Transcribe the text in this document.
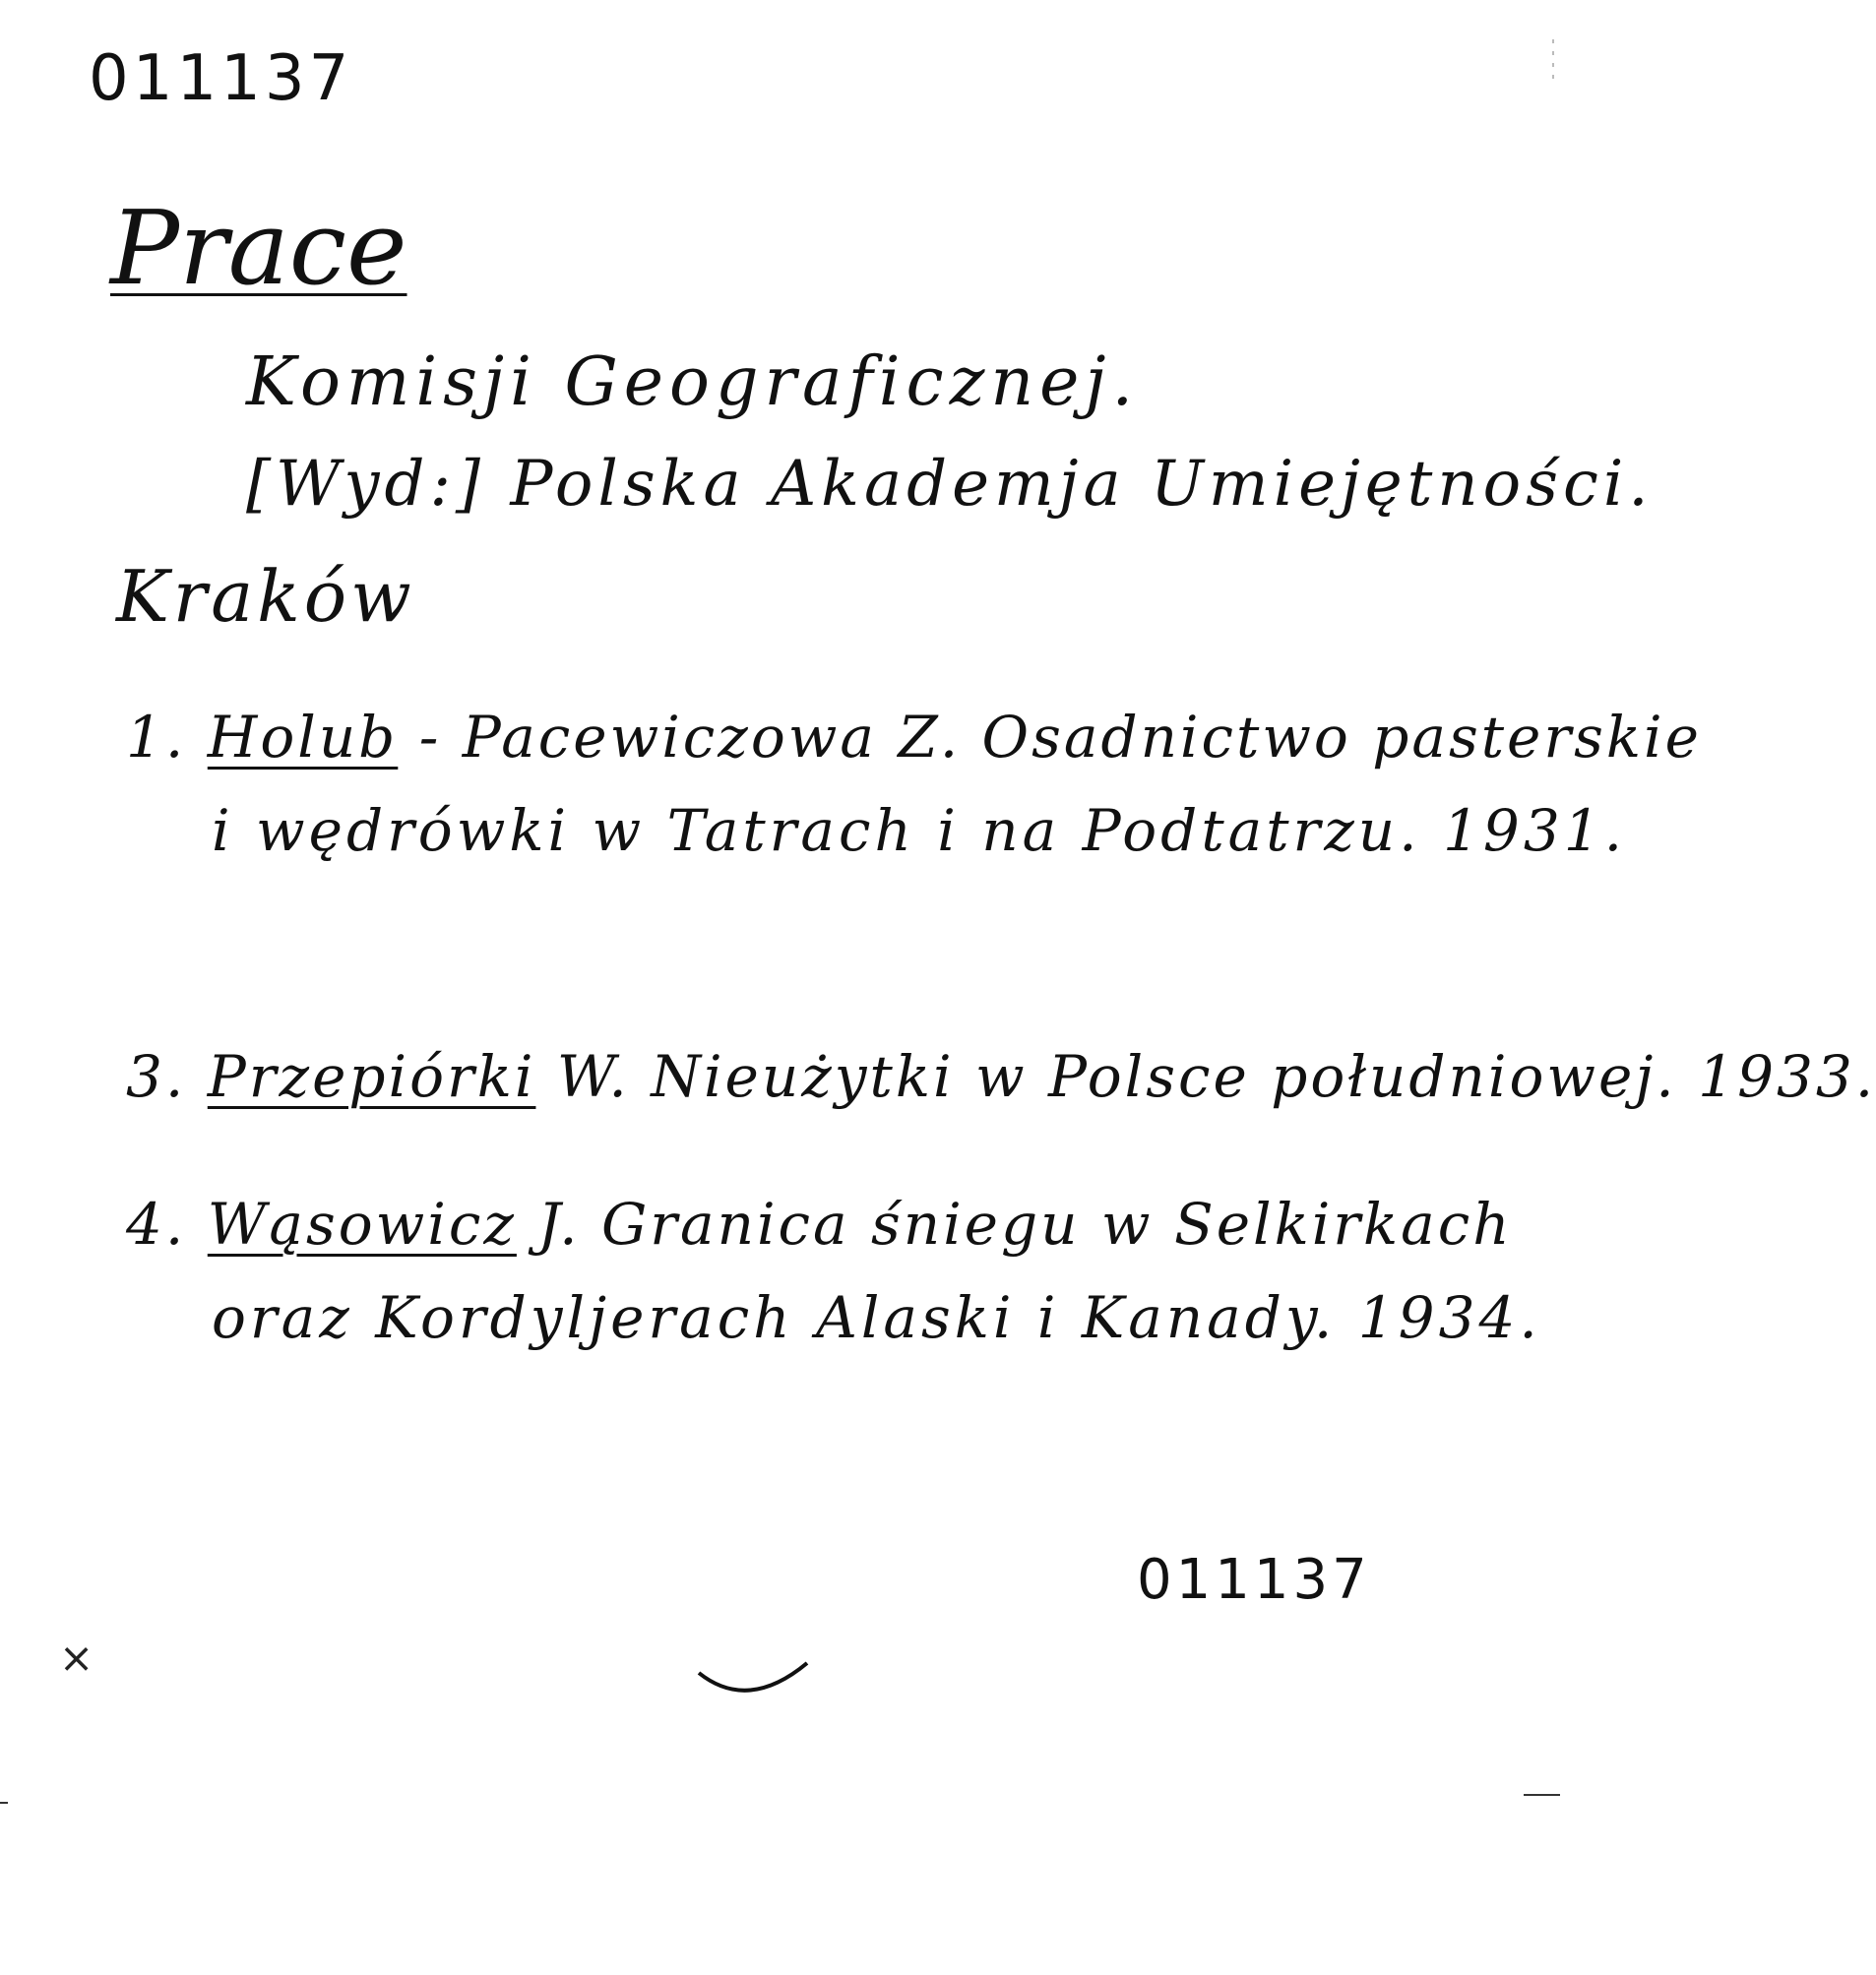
011137
Prace
Komisji Geograficznej.
[Wyd:] Polska Akademja Umiejętności.
Kraków
1. Holub - Pacewiczowa Z. Osadnictwo pasterskie
i wędrówki w Tatrach i na Podtatrzu. 1931.
3. Przepiórki W. Nieużytki w Polsce południowej. 1933.
4. Wąsowicz J. Granica śniegu w Selkirkach
oraz Kordyljerach Alaski i Kanady. 1934.
011137
×
